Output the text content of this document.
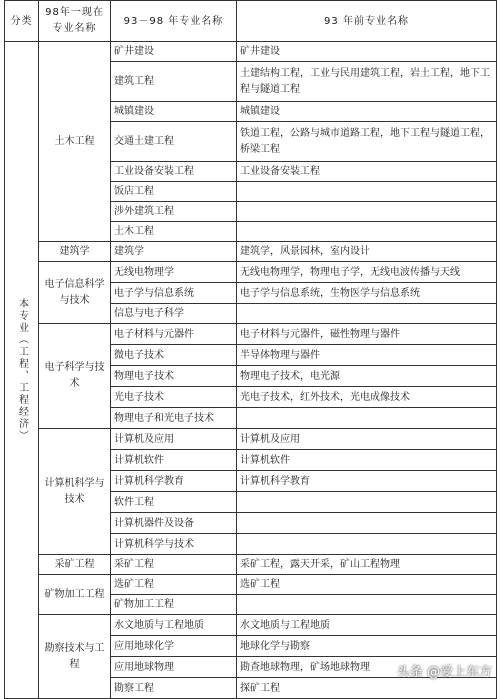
分类	98年一现在专业名称	93－98 年专业名称	93 年前专业名称

本专业（工程、工程经济）	土木工程	矿井建设	矿井建设
		建筑工程	土建结构工程，工业与民用建筑工程，岩土工程，地下工程与隧道工程
		城镇建设	城镇建设
		交通土建工程	铁道工程，公路与城市道路工程，地下工程与隧道工程，桥梁工程
		工业设备安装工程	工业设备安装工程
		饭店工程	
		涉外建筑工程	
		土木工程	
	建筑学	建筑学	建筑学，风景园林，室内设计
	电子信息科学与技术	无线电物理学	无线电物理学，物理电子学，无线电波传播与天线
		电子学与信息系统	电子学与信息系统，生物医学与信息系统
		信息与电子科学	
	电子科学与技术	电子材料与元器件	电子材料与元器件，磁性物理与器件
		微电子技术	半导体物理与器件
		物理电子技术	物理电子技术，电光源
		光电子技术	光电子技术，红外技术，光电成像技术
		物理电子和光电子技术	
	计算机科学与技术	计算机及应用	计算机及应用
		计算机软件	计算机软件
		计算机科学教育	计算机科学教育
		软件工程	
		计算机器件及设备	
		计算机科学与技术	
	采矿工程	采矿工程	采矿工程，露天开采，矿山工程物理
	矿物加工工程	选矿工程	选矿工程
		矿物加工工程	
	勘察技术与工程	水文地质与工程地质	水文地质与工程地质
		应用地球化学	地球化学与勘察
		应用地球物理	勘查地球物理，矿场地球物理
		勘察工程	探矿工程
头条 @爱上东方
